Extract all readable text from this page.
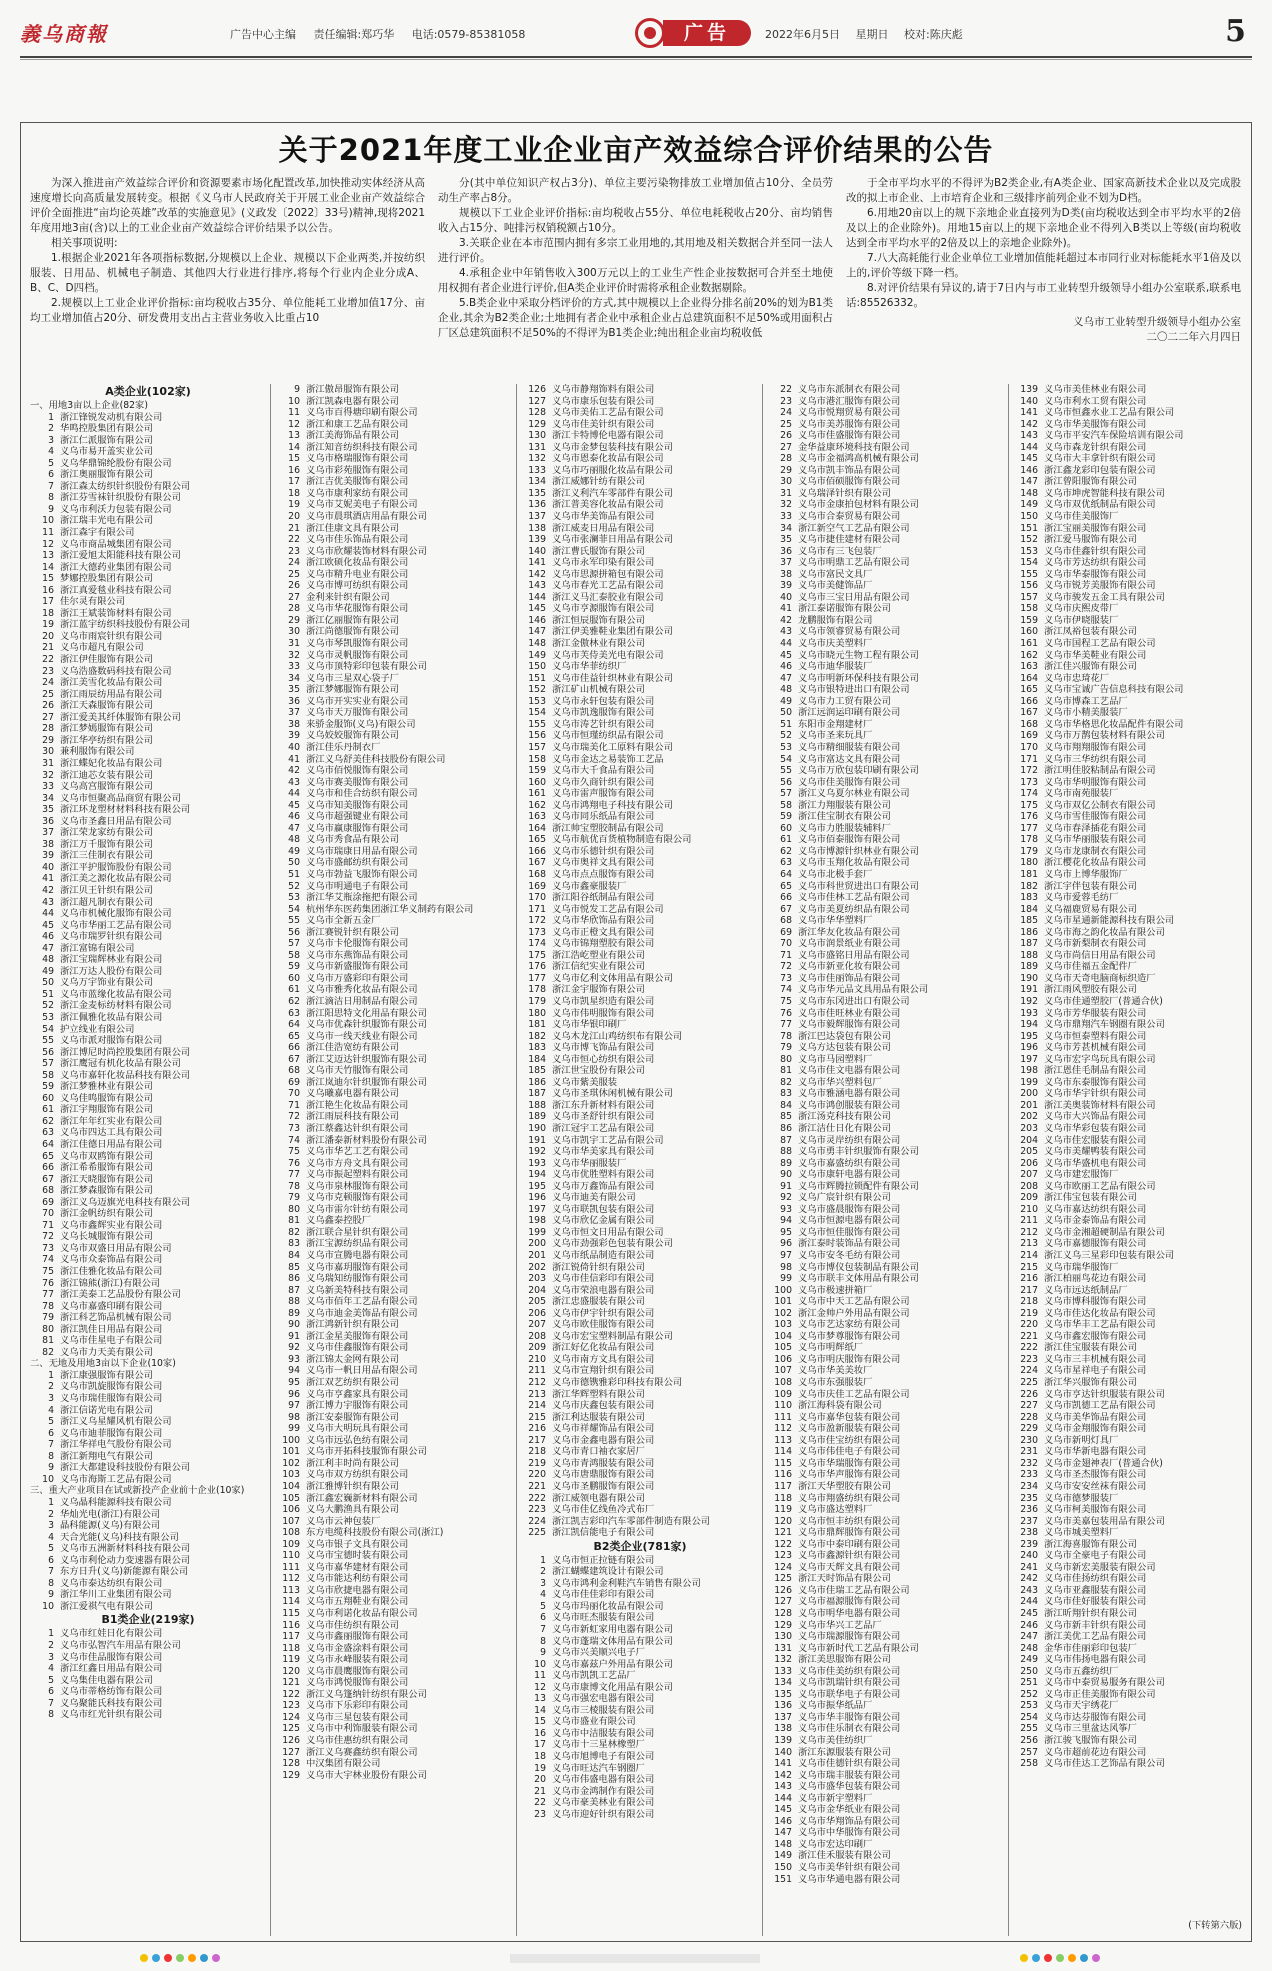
義乌商報	广告中心主编 责任编辑:郑巧华 电话:0579-85381058	广告	2022年6月5日 星期日 校对:陈庆彪	5
关于2021年度工业企业亩产效益综合评价结果的公告

为深入推进亩产效益综合评价和资源要素市场化配置改革,加快推动实体经济从高速度增长向高质量发展转变。根据《义乌市人民政府关于开展工业企业亩产效益综合评价全面推进“亩均论英雄”改革的实施意见》(义政发〔2022〕33号)精神,现将2021年度用地3亩(含)以上的工业企业亩产效益综合评价结果予以公告。

相关事项说明:

1.根据企业2021年各项指标数据,分规模以上企业、规模以下企业两类,并按纺织服装、日用品、机械电子制造、其他四大行业进行排序,将每个行业内企业分成A、B、C、D四档。

2.规模以上工业企业评价指标:亩均税收占35分、单位能耗工业增加值17分、亩均工业增加值占20分、研发费用支出占主营业务收入比重占10

分(其中单位知识产权占3分)、单位主要污染物排放工业增加值占10分、全员劳动生产率占8分。

规模以下工业企业评价指标:亩均税收占55分、单位电耗税收占20分、亩均销售收入占15分、吨排污权销税额占10分。

3.关联企业在本市范围内拥有多宗工业用地的,其用地及相关数据合并至同一法人进行评价。

4.承租企业中年销售收入300万元以上的工业生产性企业按数据可合并至土地使用权拥有者企业进行评价,但A类企业评价时需将承租企业数据剔除。

5.B类企业中采取分档评价的方式,其中规模以上企业得分排名前20%的划为B1类企业,其余为B2类企业;土地拥有者企业中承租企业占总建筑面积不足50%或用面积占厂区总建筑面积不足50%的不得评为B1类企业;纯出租企业亩均税收低

于全市平均水平的不得评为B2类企业,有A类企业、国家高新技术企业以及完成股改的拟上市企业、上市培育企业和三级排序前列企业不划为D档。

6.用地20亩以上的规下亲地企业直接列为D类(亩均税收达到全市平均水平的2倍及以上的企业除外)。用地15亩以上的规下亲地企业不得列入B类以上等级(亩均税收达到全市平均水平的2倍及以上的亲地企业除外)。

7.八大高耗能行业企业单位工业增加值能耗超过本市同行业对标能耗水平1倍及以上的,评价等级下降一档。

8.对评价结果有异议的,请于7日内与市工业转型升级领导小组办公室联系,联系电话:85526332。

义乌市工业转型升级领导小组办公室
二〇二二年六月四日
A类企业(102家)
一、用地3亩以上企业(82家)
1 浙江锋锐发动机有限公司
2 华鸣控股集团有限公司
3 浙江仁派服饰有限公司
4 义乌市易开盖实业公司
5 义乌华鼎锦纶股份有限公司
6 浙江奥丽服饰有限公司
7 浙江森太纺织针织股份有限公司
8 浙江芬雪袜针织股份有限公司
9 义乌市利沃力包装有限公司
10 浙江瑞丰光电有限公司
11 浙江森宇有限公司
12 义乌市商品城集团有限公司
13 浙江爱旭太阳能科技有限公司
14 浙江大德药业集团有限公司
15 梦娜控股集团有限公司
16 浙江真爱毯业科技有限公司
17 佳尔灵有限公司
18 浙江王斌装饰材料有限公司
19 浙江蓝宇纺织科技股份有限公司
20 义乌市雨宸针织有限公司
21 义乌市超凡有限公司
22 浙江伊佳服饰有限公司
23 义乌浩盛数码科技有限公司
24 浙江美雪化妆品有限公司
25 浙江雨辰纺用品有限公司
26 浙江天森服饰有限公司
27 浙江爱美其纤体服饰有限公司
28 浙江梦嫣服饰有限公司
29 浙江华亭纺织有限公司
30 兼利服饰有限公司
31 浙江蝶妃化妆品有限公司
32 浙江迪芯女装有限公司
33 义乌高宫服饰有限公司
34 义乌市恒聚高品商贸有限公司
35 浙江环龙塑材材料科技有限公司
36 义乌市圣鑫日用品有限公司
37 浙江荣龙家纺有限公司
38 浙江万千服饰有限公司
39 浙江三佳制衣有限公司
40 浙江平护服饰股份有限公司
41 浙江美之源化妆品有限公司
42 浙江贝王针织有限公司
43 浙江超凡制衣有限公司
44 义乌市机械化服饰有限公司
45 义乌市华丽工艺品有限公司
46 义乌市瑞罗针织有限公司
47 浙江富锦有限公司
48 浙江宝瑞辉林业有限公司
49 浙江万达人股份有限公司
50 义乌万宇饰业有限公司
51 义乌市蓝缘化妆品有限公司
52 浙江金麦标纺材料有限公司
53 浙江佩雅化妆品有限公司
54 护立线业有限公司
55 义乌市派对服饰有限公司
56 浙江博尼时尚控股集团有限公司
57 浙江鹰冠有机化妆品有限公司
58 义乌市嘉轩化妆品科技有限公司
59 浙江梦雅林业有限公司
60 义乌佳鸣服饰有限公司
61 浙江宇翔服饰有限公司
62 浙江年年红实业有限公司
63 义乌市四达工具有限公司
64 浙江佳德日用品有限公司
65 义乌市双鸥饰有限公司
66 浙江希希服饰有限公司
67 浙江天晓服饰有限公司
68 浙江梦森服饰有限公司
69 浙江义乌迈旗光电科技有限公司
70 浙江金帆纺织有限公司
71 义乌市鑫辉实业有限公司
72 义乌长城服饰有限公司
73 义乌市双盛日用品有限公司
74 义乌市众泰饰品有限公司
75 浙江佳雅化妆品有限公司
76 浙江锦熊(浙江)有限公司
77 浙江美泰工艺品股份有限公司
78 义乌市嘉盛印刷有限公司
79 浙江科艺饰品机械有限公司
80 浙江凯佳日用品有限公司
81 义乌市佳星电子有限公司
82 义乌市力天美有限公司
二、无地及用地3亩以下企业(10家)
1 浙江康强服饰有限公司
2 义乌市凯旋服饰有限公司
3 义乌市瑞佳服饰有限公司
4 浙江信诺光电有限公司
5 浙江义乌星耀风机有限公司
6 义乌市迪菲服饰有限公司
7 浙江华祥电气股份有限公司
8 浙江新翔电气有限公司
9 浙江大都建设科技股份有限公司
10 义乌市海斯工艺品有限公司
三、重大产业项目在试或新投产企业前十企业(10家)
1 义乌晶科能源科技有限公司
2 华灿光电(浙江)有限公司
3 晶科能源(义乌)有限公司
4 天合光能(义乌)科技有限公司
5 义乌市五洲新材料科技有限公司
6 义乌市利伦动力变速器有限公司
7 东方日升(义乌)新能源有限公司
8 义乌市泰达纺织有限公司
9 浙江华川工业集团有限公司
10 浙江爱祺气电有限公司
B1类企业(219家)
1 义乌市红娃日化有限公司
2 义乌市弘智汽车用品有限公司
3 义乌市佳品服饰有限公司
4 浙江红鑫日用品有限公司
5 义乌集佳电器有限公司
6 义乌市蒂格纺饰有限公司
7 义乌聚能氏科技有限公司
8 义乌市红光针织有限公司
9 浙江傲昂服饰有限公司
10 浙江凯森电器有限公司
11 义乌市百得塘印刷有限公司
12 浙江和康工艺品有限公司
13 浙江美海饰品有限公司
14 浙江知音纺织科技有限公司
15 义乌市格瑞服饰有限公司
16 义乌市彩苑服饰有限公司
17 浙江吉优美服饰有限公司
18 义乌市康利家纺有限公司
19 义乌市艾妮美电子有限公司
20 义乌市晨琪酒店用品有限公司
21 浙江佳康文具有限公司
22 义乌市佳乐饰品有限公司
23 义乌市欣耀装饰材料有限公司
24 浙江欧硕化妆品有限公司
25 义乌市精升电业有限公司
26 义乌市博可纺织有限公司
27 金利来针织有限公司
28 义乌市华花服饰有限公司
29 浙江亿丽服饰有限公司
30 浙江尚德服饰有限公司
31 义乌市琴凯服饰有限公司
32 义乌市灵帆服饰有限公司
33 义乌市顶特彩印包装有限公司
34 义乌市三星双心袋子厂
35 浙江梦娜服饰有限公司
36 义乌市开实实业有限公司
37 义乌市天万服饰有限公司
38 来骄金服饰(义乌)有限公司
39 义乌姣姣服饰有限公司
40 浙江佳乐丹制衣厂
41 浙江义乌舒美佳科技股份有限公司
42 义乌市佰悦服饰有限公司
43 义乌市赛美服饰有限公司
44 义乌市和佳合纺织有限公司
45 义乌市知美服饰有限公司
46 义乌市超强键业有限公司
47 义乌市赢康服饰有限公司
48 义乌市秀食品有限公司
49 义乌市瑞康日用品有限公司
50 义乌市盛邮纺织有限公司
51 义乌市勃益飞服饰有限公司
52 义乌市明通电子有限公司
53 浙江华艾瓶涂拖把有限公司
54 杭州华东医药集团浙江华义制药有限公司
55 义乌市全新五金厂
56 浙江赛锐针织有限公司
57 义乌市卡伦服饰有限公司
58 义乌市东燕饰品有限公司
59 义乌市新盛服饰有限公司
60 义乌市万盛彩印有限公司
61 义乌市雅秀化妆品有限公司
62 浙江滴洁日用制品有限公司
63 浙江阳思特文化用品有限公司
64 义乌市优森针织服饰有限公司
65 义乌市一线天线业有限公司
66 浙江佳浩宽纺有限公司
67 浙江艾迈达针织服饰有限公司
68 义乌市天竹服饰有限公司
69 浙江岚迪尔针织服饰有限公司
70 义乌曦嘉电器有限公司
71 浙江艳生化妆品有限公司
72 浙江雨辰科技有限公司
73 浙江蔡鑫达针织有限公司
74 浙江潘泰新材料股份有限公司
75 义乌市华艺工艺有限公司
76 义乌市方舟文具有限公司
77 义乌市振起塑料有限公司
78 义乌市泉林服饰有限公司
79 义乌市克顿服饰有限公司
80 义乌市雷尔针纺有限公司
81 义乌鑫泰控股厂
82 浙江联合星针织有限公司
83 浙江宝源纺织品有限公司
84 义乌市宣腾电器有限公司
85 义乌市嘉玥服饰有限公司
86 义乌瑞知纺服饰有限公司
87 义乌新美特科技有限公司
88 义乌市佰年工艺品有限公司
89 义乌市迪金美饰品有限公司
90 浙江鸿新针织有限公司
91 浙江金星美服饰有限公司
92 义乌市佳鑫服饰有限公司
93 浙江锦太金网有限公司
94 义乌市一帆日用品有限公司
95 浙江双艺纺织有限公司
96 义乌市亨鑫家具有限公司
97 浙江博力宇服饰有限公司
98 浙江安泰服饰有限公司
99 义乌市大明玩具有限公司
100 义乌市远弘色纺有限公司
101 义乌市开拓科技服饰有限公司
102 浙江利丰时尚有限公司
103 义乌市双方纺织有限公司
104 浙江雅博针织有限公司
105 浙江鑫宏巍新材料有限公司
106 义乌大鹏渔具有限公司
107 义乌市云神包装厂
108 东方电缆科技股份有限公司(浙江)
109 义乌市银子文具有限公司
110 义乌市宝德时装有限公司
111 义乌市嘉华建材有限公司
112 义乌市能达利纺有限公司
113 义乌市欣捷电器有限公司
114 义乌市五翔鞋业有限公司
115 义乌市利诺化妆品有限公司
116 义乌市佳纺织有限公司
117 义乌市鑫丽服饰有限公司
118 义乌市金盛涂料有限公司
119 义乌市永峰服装有限公司
120 义乌市晨鹰服饰有限公司
121 义乌市鸿悦服饰有限公司
122 浙江义乌篷纳针纺织有限公司
123 义乌市下乐彩印有限公司
124 义乌市三星包装有限公司
125 义乌市中利饰服装有限公司
126 义乌市佳惠纺织有限公司
127 浙江义乌赛鑫纺织有限公司
128 中汉集团有限公司
129 义乌市大宇林业股份有限公司
126 义乌市静翔饰料有限公司
127 义乌市康乐包装有限公司
128 义乌市美佑工艺品有限公司
129 义乌市佳美针织有限公司
130 浙江卡特博伦电器有限公司
131 义乌市金梦包装科技有限公司
132 义乌市恩泰化妆品有限公司
133 义乌市巧丽服化妆品有限公司
134 浙江威娜针纺有限公司
135 浙江义利汽车零部件有限公司
136 浙江普美容化妆品有限公司
137 义乌市华美饰品有限公司
138 浙江威麦日用品有限公司
139 义乌市张澜菲日用品有限公司
140 浙江曹氏服饰有限公司
141 义乌市永军印染有限公司
142 义乌市思源拼箱包有限公司
143 义乌市春光工艺品有限公司
144 浙江义马汇泰胶业有限公司
145 义乌市亨源服饰有限公司
146 浙江恒辰服饰有限公司
147 浙江伊美雅鞋业集团有限公司
148 浙江金傲林业有限公司
149 义乌市芙侍美光电有限公司
150 义乌市华菲纺织厂
151 义乌市佳益针织林业有限公司
152 浙江矿山机械有限公司
153 义乌市永轩包装有限公司
154 义乌市凯逸服饰有限公司
155 义乌市涛艺针织有限公司
156 义乌市恒瑾纺织品有限公司
157 义乌市瑞美化工原料有限公司
158 义乌市金达之易装饰工艺品
159 义乌市大千食品有限公司
160 义乌市久商针织有限公司
161 义乌市雷声服饰有限公司
162 义乌市鸿翔电子科技有限公司
163 义乌市同乐纸品有限公司
164 浙江帅宝塑胶制品有限公司
165 义乌市航优百货植物制造有限公司
166 义乌市乐德针织有限公司
167 义乌市奥祥文具有限公司
168 义乌市点点服饰有限公司
169 义乌市鑫豪服装厂
170 浙江阳谷纸制品有限公司
171 义乌市悦发工艺品有限公司
172 义乌市华欣饰品有限公司
173 义乌市正橙文具有限公司
174 义乌市锦翔塑胶有限公司
175 浙江浩屹塑业有限公司
176 浙江信纪实业有限公司
177 义乌市亿利文体用品有限公司
178 浙江金宇服饰有限公司
179 义乌市凯星织造有限公司
180 义乌市伟明服饰有限公司
181 义乌市华银印刷厂
182 义乌木龙江山鸡纺织布有限公司
183 义乌市博飞饰品有限公司
184 义乌市恒心纺织有限公司
185 浙江世宝股份有限公司
186 义乌市紫美服装
187 义乌市圣琪休闲机械有限公司
188 浙江东升新材料有限公司
189 义乌市圣舒针织有限公司
190 浙江冠宇工艺品有限公司
191 义乌市凯宇工艺品有限公司
192 义乌市华美家具有限公司
193 义乌市华丽服装厂
194 义乌市优胜塑料有限公司
195 义乌市万鑫饰品有限公司
196 义乌市迪美有限公司
197 义乌市联凯包装有限公司
198 义乌市欣亿金属有限公司
199 义乌市恒文日用品有限公司
200 义乌市劲强彩色包装有限公司
201 义乌市纸品制造有限公司
202 浙江锐倚针织有限公司
203 义乌市佳信彩印有限公司
204 义乌市荣浪电器有限公司
205 浙江忠盛服装有限公司
206 义乌市伊宇针织有限公司
207 义乌市欧佳服饰有限公司
208 义乌市宏宝塑料制品有限公司
209 浙江好亿化妆品有限公司
210 义乌市南方文具有限公司
211 义乌市宣翔针织有限公司
212 义乌市德镌雅彩印科技有限公司
213 浙江华辉塑料有限公司
214 义乌市庆鑫包装有限公司
215 浙江利达服装有限公司
216 义乌市祥耀饰品有限公司
217 义乌市金鑫电器有限公司
218 义乌市青口袖衣家居厂
219 义乌市青鸿服装有限公司
220 义乌市唐鼎服饰有限公司
221 义乌市圣鹏服饰有限公司
222 浙江威领电器有限公司
223 义乌市佳亿线鱼冷式布厂
224 浙江凯吉彩印汽车零部件制造有限公司
225 浙江凯信能电子有限公司
B2类企业(781家)
1 义乌市恒正拉链有限公司
2 浙江蝴蝶建筑设计有限公司
3 义乌市鸿利金利鞋汽车销售有限公司
4 义乌市佳佳彩印有限公司
5 义乌市玛丽化妆品有限公司
6 义乌市旺杰服装有限公司
7 义乌市新虹家用电器有限公司
8 义乌市蓬瑞文体用品有限公司
9 义乌市兴美顺兴电子厂
10 义乌市嘉兹户外用品有限公司
11 义乌市凯凯工艺品厂
12 义乌市康博文化用品有限公司
13 义乌市强宏电器有限公司
14 义乌市三棱服装有限公司
15 义乌市盛业有限公司
16 义乌市中洁服装有限公司
17 义乌市十三星林橡塑厂
18 义乌市旭博电子有限公司
19 义乌市旺达汽车钢圈厂
20 义乌市伟盛电器有限公司
21 义乌市金鸿制作有限公司
22 义乌市豪美林业有限公司
23 义乌市迎好针织有限公司
22 义乌市东派制衣有限公司
23 义乌市港汇服饰有限公司
24 义乌市悦翔贸易有限公司
25 义乌市美苏服饰有限公司
26 义乌市佳盛服饰有限公司
27 金华益康环境科技有限公司
28 义乌市金福鸿高机械有限公司
29 义乌市凯丰饰品有限公司
30 义乌市佰硕服饰有限公司
31 义乌瑞泽针织有限公司
32 义乌市金康拍包材料有限公司
33 义乌市合泰贸易有限公司
34 浙江新空气工艺品有限公司
35 义乌市捷佳建材有限公司
36 义乌市有三飞包装厂
37 义乌市明鼎工艺品有限公司
38 义乌市富民文具厂
39 义乌市美健饰品厂
40 义乌市三宝日用品有限公司
41 浙江泰诺服饰有限公司
42 龙鹏服饰有限公司
43 义乌市领睿贸易有限公司
44 义乌市庆美塑料厂
45 义乌市晓元生物工程有限公司
46 义乌市迪华服装厂
47 义乌市明新环保科技有限公司
48 义乌市银特进出口有限公司
49 义乌市力工贸有限公司
50 浙江远润运印刷有限公司
51 东阳市金翔建材厂
52 义乌市圣来玩具厂
53 义乌市精细服装有限公司
54 义乌市富达文具有限公司
55 义乌市万欣包装印刷有限公司
56 义乌市佳美服饰有限公司
57 浙江义乌夏尔林业有限公司
58 浙江力翔服装有限公司
59 浙江佳宝制衣有限公司
60 义乌市力胜服装辅料厂
61 义乌市佰泰服饰有限公司
62 义乌市博源针织林业有限公司
63 义乌市玉翔化妆品有限公司
64 义乌市北极手套厂
65 义乌市科世贸进出口有限公司
66 义乌市佳林工艺品有限公司
67 义乌市美夏纺织品有限公司
68 义乌市华华塑料厂
69 浙江华友化妆品有限公司
70 义乌市润景纸业有限公司
71 义乌市盛铭日用品有限公司
72 义乌市新亚化妆有限公司
73 义乌市佳丽饰品有限公司
74 义乌市华元品文具用品有限公司
75 义乌市东冈进出口有限公司
76 义乌市佳旺林业有限公司
77 义乌市毅辉服饰有限公司
78 浙江巴达袋包有限公司
79 义乌方达包装有限公司
80 义乌市马园塑料厂
81 义乌市佳文电器有限公司
82 义乌市华兴塑料包厂
83 义乌市雅涵电器有限公司
84 义乌市鸿创服装有限公司
85 浙江汤克科技有限公司
86 浙江洁仕日化有限公司
87 义乌市灵岸纺织有限公司
88 义乌市勇丰针织服饰有限公司
89 义乌市嘉盛纺织有限公司
90 义乌市康轩电器有限公司
91 义乌市辉腾拉锁配件有限公司
92 义乌广宸针织有限公司
93 义乌市盛晨服饰有限公司
94 义乌市恒源电器有限公司
95 义乌市恒佳服饰有限公司
96 浙江泰时装饰品有限公司
97 义乌市安冬毛纺有限公司
98 义乌市博仪包装制品有限公司
99 义乌市联丰文体用品有限公司
100 义乌市极速拼箱厂
101 义乌市中天工艺品有限公司
102 浙江金帅户外用品有限公司
103 义乌市艺达家纺有限公司
104 义乌市梦尊服饰有限公司
105 义乌市明辉纸厂
106 义乌市明庆服饰有限公司
107 义乌市华美美妆厂
108 义乌市东强服装厂
109 义乌市庆佳工艺品有限公司
110 浙江海科袋有限公司
111 义乌市嘉华包装有限公司
112 义乌市盈新服装有限公司
113 义乌市佳宝纺织有限公司
114 义乌市伟佳电子有限公司
115 义乌市华瑞服饰有限公司
116 义乌市华声服饰有限公司
117 浙江天华塑胶有限公司
118 义乌市翔盛纺织有限公司
119 义乌市盛达塑料厂
120 义乌市恒丰纺织有限公司
121 义乌市鼎辉服饰有限公司
122 义乌市中泰印刷有限公司
123 义乌市鑫源针织有限公司
124 义乌市天辉文具有限公司
125 浙江天时饰品有限公司
126 义乌市佳瑞工艺品有限公司
127 义乌市福源服饰有限公司
128 义乌市明华电器有限公司
129 义乌市华兴工艺品厂
130 义乌市瑞源服饰有限公司
131 义乌市新时代工艺品有限公司
132 浙江美思服饰有限公司
133 义乌市佳美纺织有限公司
134 义乌市凯瑞针织有限公司
135 义乌市联华电子有限公司
136 义乌市振华纸品厂
137 义乌市华丰服饰有限公司
138 义乌市佳乐制衣有限公司
139 义乌市美佳纺织厂
140 浙江东源服装有限公司
141 义乌市佳德针织有限公司
142 义乌市瑞丰服装有限公司
143 义乌市盛华包装有限公司
144 义乌市新宇塑料厂
145 义乌市金华纸业有限公司
146 义乌市华翔饰品有限公司
147 义乌市中华服饰有限公司
148 义乌市宏达印刷厂
149 浙江佳禾服装有限公司
150 义乌市美华针织有限公司
151 义乌市华通电器有限公司
139 义乌市美佳林业有限公司
140 义乌市利水工贸有限公司
141 义乌市恒鑫水业工艺品有限公司
142 义乌市华美服饰有限公司
143 义乌市平安汽车保险培训有限公司
144 义乌市森龙针织有限公司
145 义乌市大丰拿针织有限公司
146 浙江鑫龙彩印包装有限公司
147 浙江曾阳服饰有限公司
148 义乌市坤虎智能科技有限公司
149 义乌市双优纸制品有限公司
150 义乌市佳美服饰厂
151 浙江宝丽美服饰有限公司
152 浙江爱马服饰有限公司
153 义乌市佳鑫针织有限公司
154 义乌市芳达纺织有限公司
155 义乌市华泰服饰有限公司
156 义乌市锐芳美服饰有限公司
157 义乌市骏发五金工具有限公司
158 义乌市庆熙皮带厂
159 义乌市伊晓服装厂
160 浙江凤裕包装有限公司
161 义乌市国程工艺品有限公司
162 义乌市华美鞋业有限公司
163 浙江佳兴服饰有限公司
164 义乌市忠琦花厂
165 义乌市宝诚广告信息科技有限公司
166 义乌市博森工艺品厂
167 义乌市小精美服装厂
168 义乌市华格思化妆品配件有限公司
169 义乌市万鹊包装材料有限公司
170 义乌市翔翔服饰有限公司
171 义乌市三华纺织有限公司
172 浙江明佳胶粘制品有限公司
173 义乌市华明服饰有限公司
174 义乌市南苑服装厂
175 义乌市双亿公制衣有限公司
176 义乌市雪佳服饰有限公司
177 义乌市春泽插花有限公司
178 义乌市华丽服装有限公司
179 义乌市龙康制衣有限公司
180 浙江樱花化妆品有限公司
181 义乌市上博华服饰厂
182 浙江宇伴包装有限公司
183 义乌市爱蓉毛纺厂
184 义乌福鹿贸易有限公司
185 义乌市星通新能源科技有限公司
186 义乌市海之韵化妆品有限公司
187 义乌市新梨制衣有限公司
188 义乌市尚信日用品有限公司
189 义乌市佳福五金配件厂
190 义乌市天奇电脑商标织造厂
191 浙江雨风塑胶有限公司
192 义乌市佳通塑胶厂(普通合伙)
193 义乌市芳华服装有限公司
194 义乌市鼎翔汽车钢圈有限公司
195 义乌市恒泰塑料有限公司
196 义乌市芳甚机械有限公司
197 义乌市宏字鸟玩具有限公司
198 浙江恩佳毛制品有限公司
199 义乌市东泰服饰有限公司
200 义乌市华宇针织有限公司
201 浙江美奥装饰材料有限公司
202 义乌市大兴饰品有限公司
203 义乌市华彩包装有限公司
204 义乌市佳宏服装有限公司
205 义乌市美耀鸭装有限公司
206 义乌市华盛机电有限公司
207 义乌市建宏服饰厂
208 义乌市欧丽工艺品有限公司
209 浙江伟宝包装有限公司
210 义乌市嘉达纺织有限公司
211 义乌市金泰饰品有限公司
212 义乌市金湘超硬制品有限公司
213 义乌市嘉德服饰有限公司
214 浙江义乌三星彩印包装有限公司
215 义乌市瑞华服饰厂
216 浙江柏丽鸟花边有限公司
217 义乌市远达纸制品厂
218 义乌市博科服饰有限公司
219 义乌市佳达化妆品有限公司
220 义乌市华丰工艺品有限公司
221 义乌市鑫宏服饰有限公司
222 浙江佳宝服装有限公司
223 义乌市三丰机械有限公司
224 义乌市星祥电子有限公司
225 浙江华兴服饰有限公司
226 义乌市亨达针织服装有限公司
227 义乌市凯德工艺品有限公司
228 义乌市美华饰品有限公司
229 义乌市金翔服饰有限公司
230 义乌市新明灯具厂
231 义乌市华新电器有限公司
232 义乌市金翅神表厂(普通合伙)
233 义乌市圣杰服饰有限公司
234 义乌市安安丝袜有限公司
235 义乌市德梦服装厂
236 义乌市柯美服饰有限公司
237 义乌市美嘉包装用品有限公司
238 义乌市城美塑料厂
239 浙江海喜服饰有限公司
240 义乌市全豪电子有限公司
241 义乌市新宏美服装有限公司
242 义乌市佳扬纺织有限公司
243 义乌市亚鑫服装有限公司
244 义乌市佳好服装有限公司
245 浙江昕翔针织有限公司
246 义乌市新丰针织有限公司
247 浙江美优工艺品有限公司
248 金华市佳丽彩印包装厂
249 义乌市伟扬电器有限公司
250 义乌市五鑫纺织厂
251 义乌市中泰贸易服务有限公司
252 义乌市正佳美服饰有限公司
253 义乌市天宇绣花厂
254 义乌市达芬服饰有限公司
255 义乌市三里盆达风筝厂
256 浙江骏飞服饰有限公司
257 义乌市超前花边有限公司
258 义乌市佳达工艺饰品有限公司
(下转第六版)
